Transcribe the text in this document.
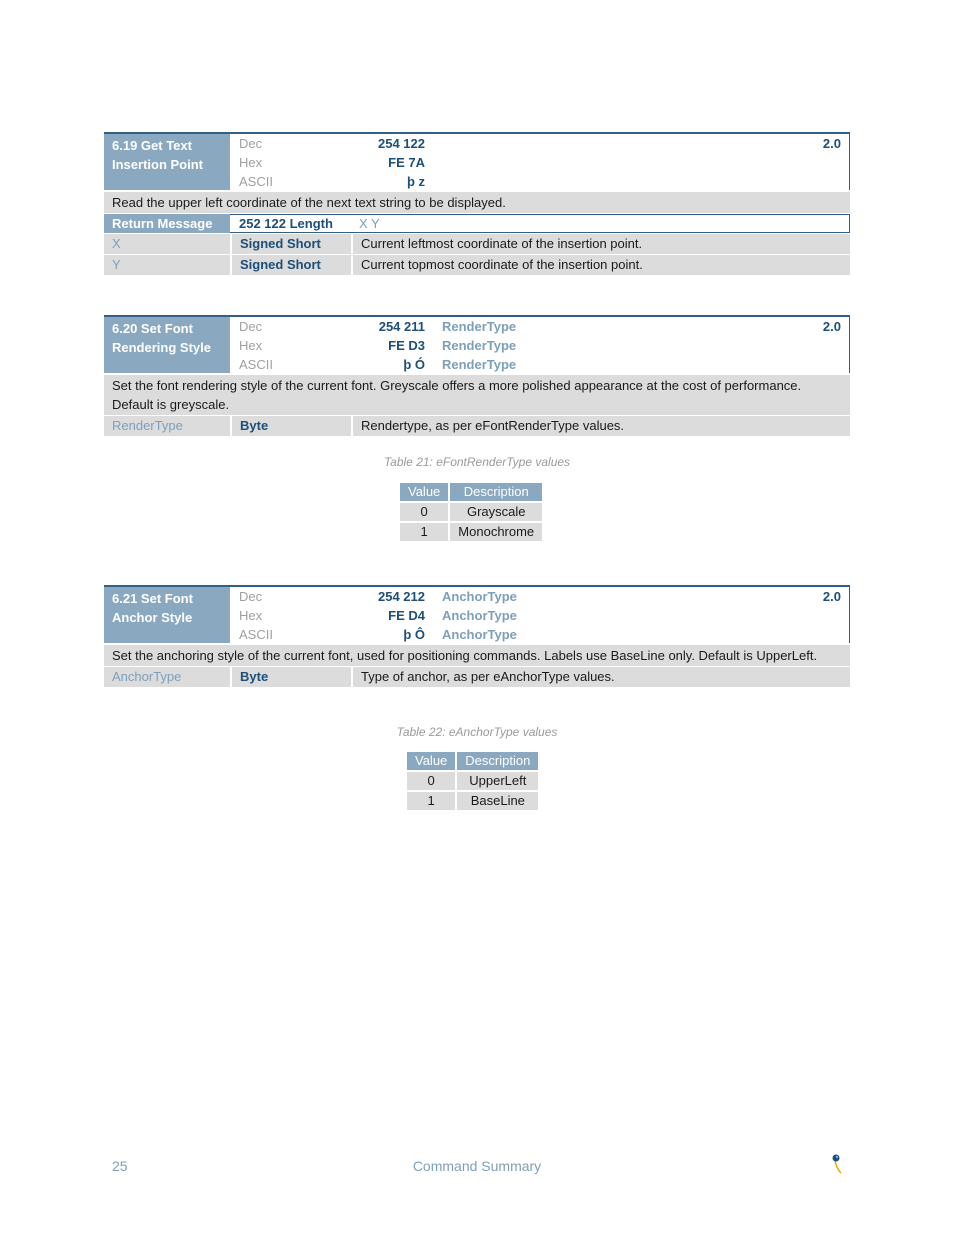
6.19 Get Text Insertion Point
Dec	254 122
Hex	FE 7A
ASCII	þ z
2.0
Read the upper left coordinate of the next text string to be displayed.
Return Message	252 122 Length	X Y
X	Signed Short	Current leftmost coordinate of the insertion point.
Y	Signed Short	Current topmost coordinate of the insertion point.
6.20 Set Font Rendering Style
Dec	254 211 RenderType
Hex	FE D3 RenderType
ASCII	þ Ó RenderType
2.0
Set the font rendering style of the current font. Greyscale offers a more polished appearance at the cost of performance. Default is greyscale.
RenderType	Byte	Rendertype, as per eFontRenderType values.
Table 21: eFontRenderType values
Value	Description
0	Grayscale
1	Monochrome
6.21 Set Font Anchor Style
Dec	254 212 AnchorType
Hex	FE D4 AnchorType
ASCII	þ Ô AnchorType
2.0
Set the anchoring style of the current font, used for positioning commands. Labels use BaseLine only. Default is UpperLeft.
AnchorType	Byte	Type of anchor, as per eAnchorType values.
Table 22: eAnchorType values
Value	Description
0	UpperLeft
1	BaseLine
25	Command Summary
